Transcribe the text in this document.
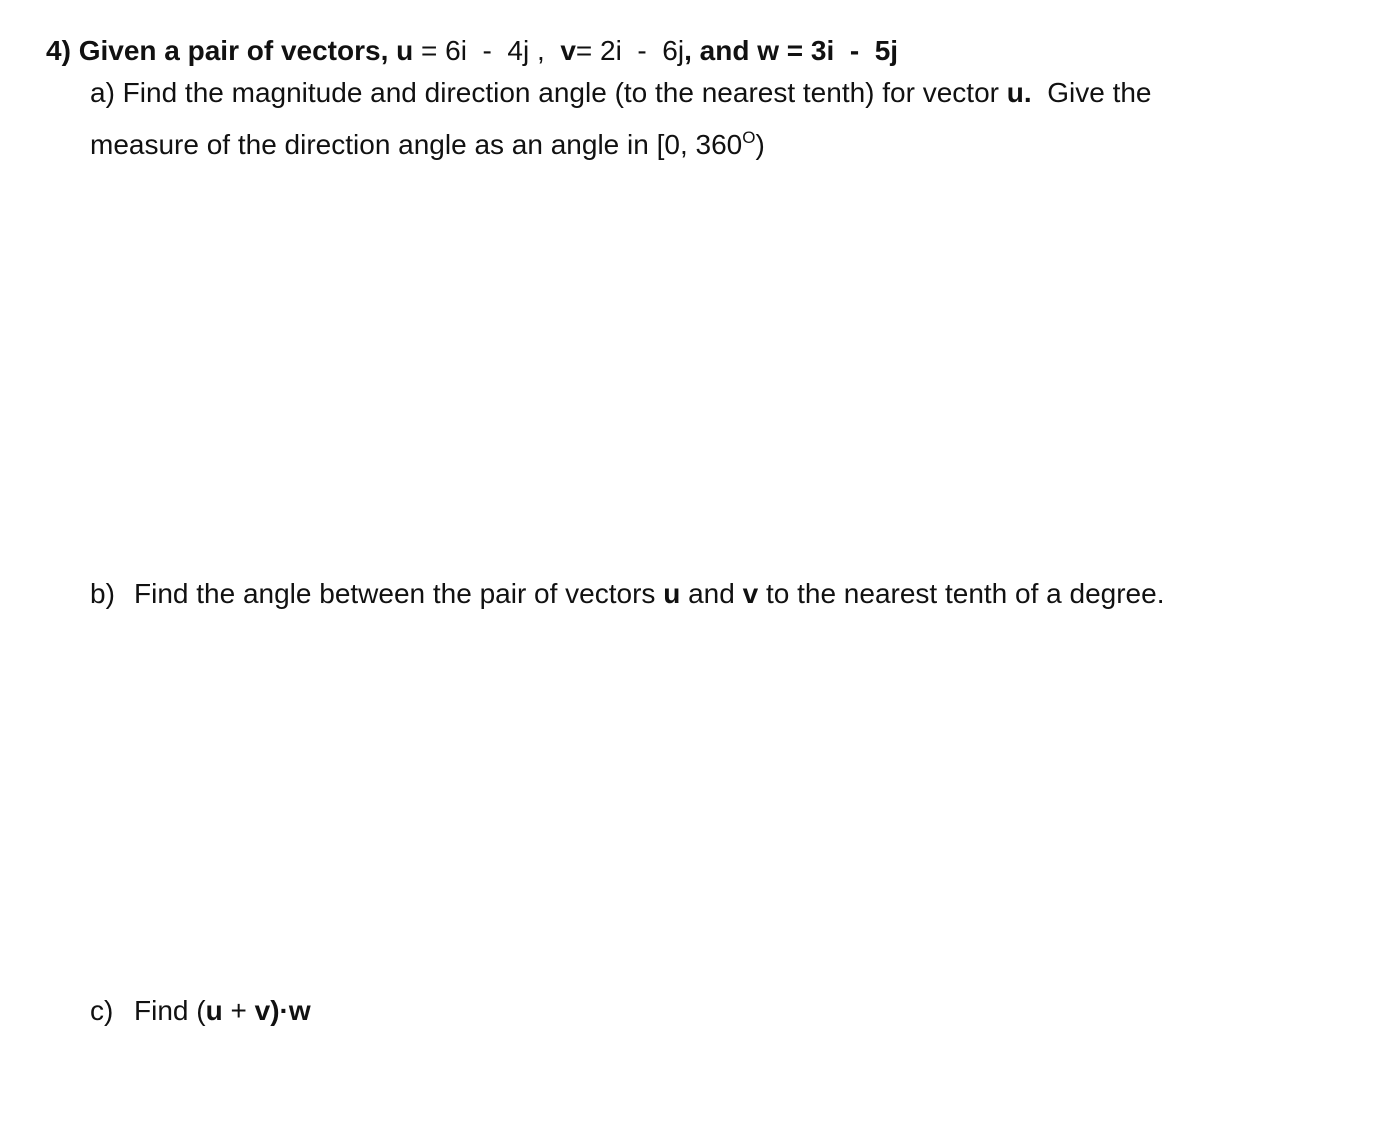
4) Given a pair of vectors, u = 6i  -  4j ,  v= 2i  -  6j, and w = 3i  -  5j
a) Find the magnitude and direction angle (to the nearest tenth) for vector u.  Give the
measure of the direction angle as an angle in [0, $360^O$)
b) Find the angle between the pair of vectors u and v to the nearest tenth of a degree.
c) Find (u + v)·w
